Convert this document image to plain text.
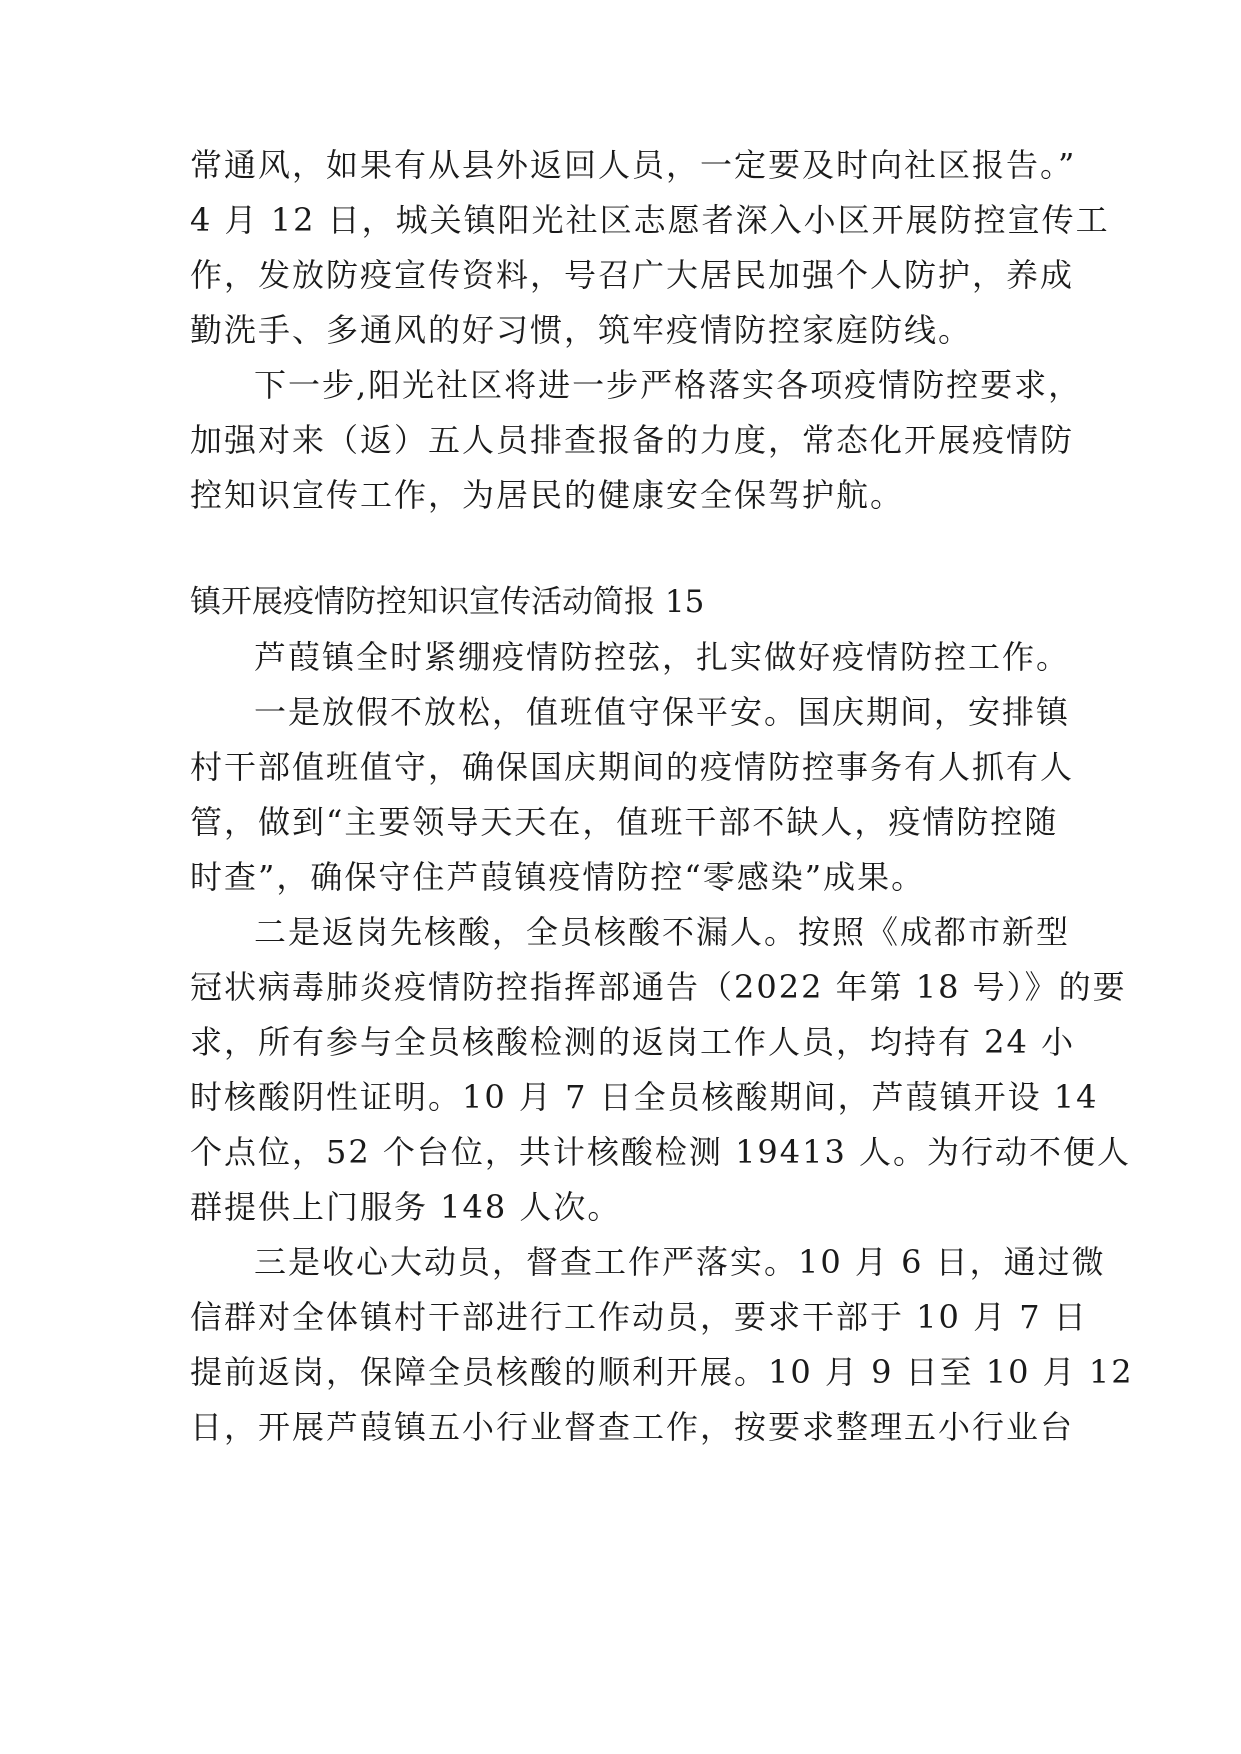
常通风，如果有从县外返回人员，一定要及时向社区报告。”
4 月 12 日，城关镇阳光社区志愿者深入小区开展防控宣传工
作，发放防疫宣传资料，号召广大居民加强个人防护，养成
勤洗手、多通风的好习惯，筑牢疫情防控家庭防线。
下一步,阳光社区将进一步严格落实各项疫情防控要求，
加强对来（返）五人员排查报备的力度，常态化开展疫情防
控知识宣传工作，为居民的健康安全保驾护航。
镇开展疫情防控知识宣传活动简报 15
芦葭镇全时紧绷疫情防控弦，扎实做好疫情防控工作。
一是放假不放松，值班值守保平安。国庆期间，安排镇
村干部值班值守，确保国庆期间的疫情防控事务有人抓有人
管，做到“主要领导天天在，值班干部不缺人，疫情防控随
时查”，确保守住芦葭镇疫情防控“零感染”成果。
二是返岗先核酸，全员核酸不漏人。按照《成都市新型
冠状病毒肺炎疫情防控指挥部通告（2022 年第 18 号）》的要
求，所有参与全员核酸检测的返岗工作人员，均持有 24 小
时核酸阴性证明。10 月 7 日全员核酸期间，芦葭镇开设 14
个点位，52 个台位，共计核酸检测 19413 人。为行动不便人
群提供上门服务 148 人次。
三是收心大动员，督查工作严落实。10 月 6 日，通过微
信群对全体镇村干部进行工作动员，要求干部于 10 月 7 日
提前返岗，保障全员核酸的顺利开展。10 月 9 日至 10 月 12
日，开展芦葭镇五小行业督查工作，按要求整理五小行业台
